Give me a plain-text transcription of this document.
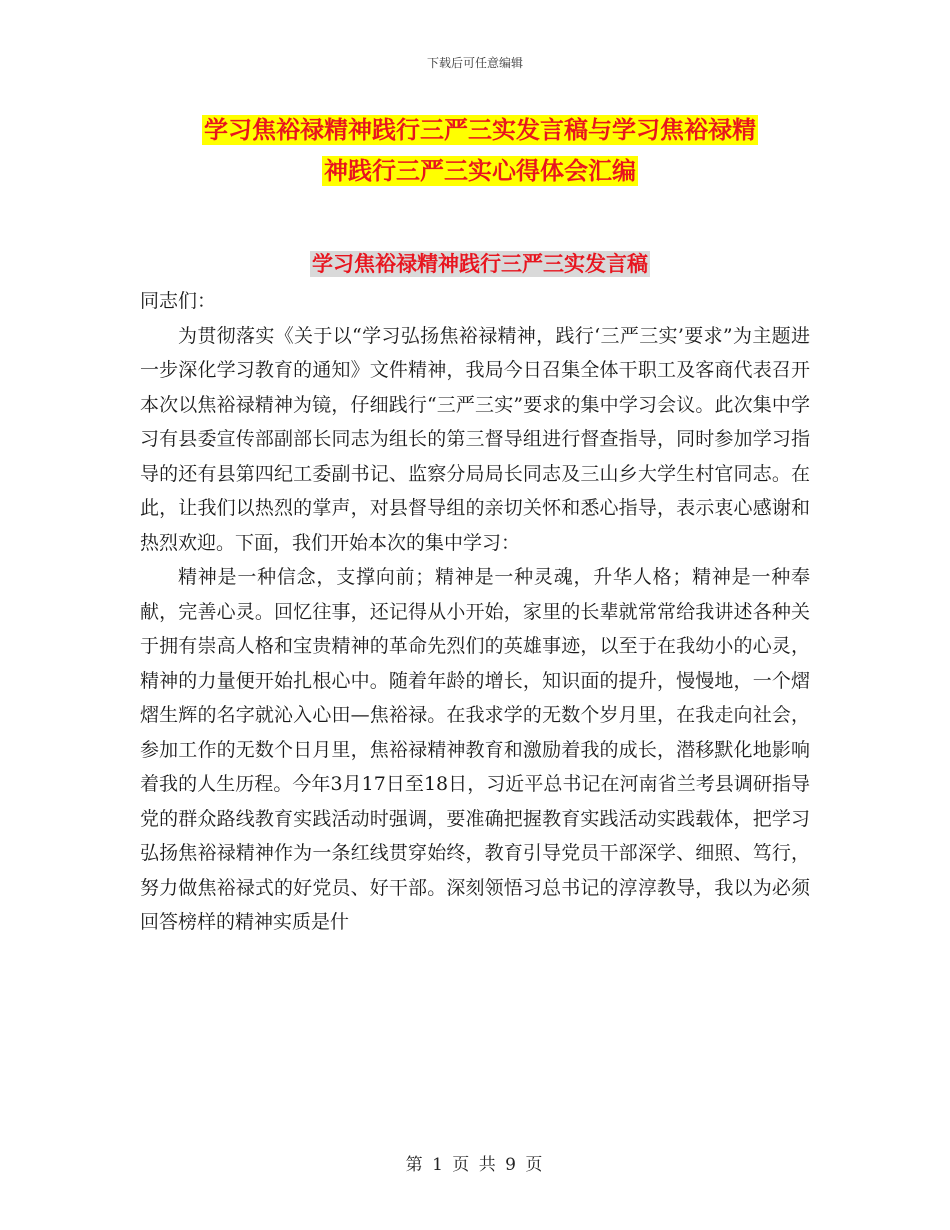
下载后可任意编辑
学习焦裕禄精神践行三严三实发言稿与学习焦裕禄精
神践行三严三实心得体会汇编
学习焦裕禄精神践行三严三实发言稿

同志们：

为贯彻落实《关于以“学习弘扬焦裕禄精神，践行‘三严三实’要求”为主题进一步深化学习教育的通知》文件精神，我局今日召集全体干职工及客商代表召开本次以焦裕禄精神为镜，仔细践行“三严三实”要求的集中学习会议。此次集中学习有县委宣传部副部长同志为组长的第三督导组进行督查指导，同时参加学习指导的还有县第四纪工委副书记、监察分局局长同志及三山乡大学生村官同志。在此，让我们以热烈的掌声，对县督导组的亲切关怀和悉心指导，表示衷心感谢和热烈欢迎。下面，我们开始本次的集中学习：

精神是一种信念，支撑向前；精神是一种灵魂，升华人格；精神是一种奉献，完善心灵。回忆往事，还记得从小开始，家里的长辈就常常给我讲述各种关于拥有崇高人格和宝贵精神的革命先烈们的英雄事迹，以至于在我幼小的心灵，精神的力量便开始扎根心中。随着年龄的增长，知识面的提升，慢慢地，一个熠熠生辉的名字就沁入心田—焦裕禄。在我求学的无数个岁月里，在我走向社会，参加工作的无数个日月里，焦裕禄精神教育和激励着我的成长，潜移默化地影响着我的人生历程。今年3月17日至18日，习近平总书记在河南省兰考县调研指导党的群众路线教育实践活动时强调，要准确把握教育实践活动实践载体，把学习弘扬焦裕禄精神作为一条红线贯穿始终，教育引导党员干部深学、细照、笃行，努力做焦裕禄式的好党员、好干部。深刻领悟习总书记的淳淳教导，我以为必须回答榜样的精神实质是什

第 1 页 共 9 页
